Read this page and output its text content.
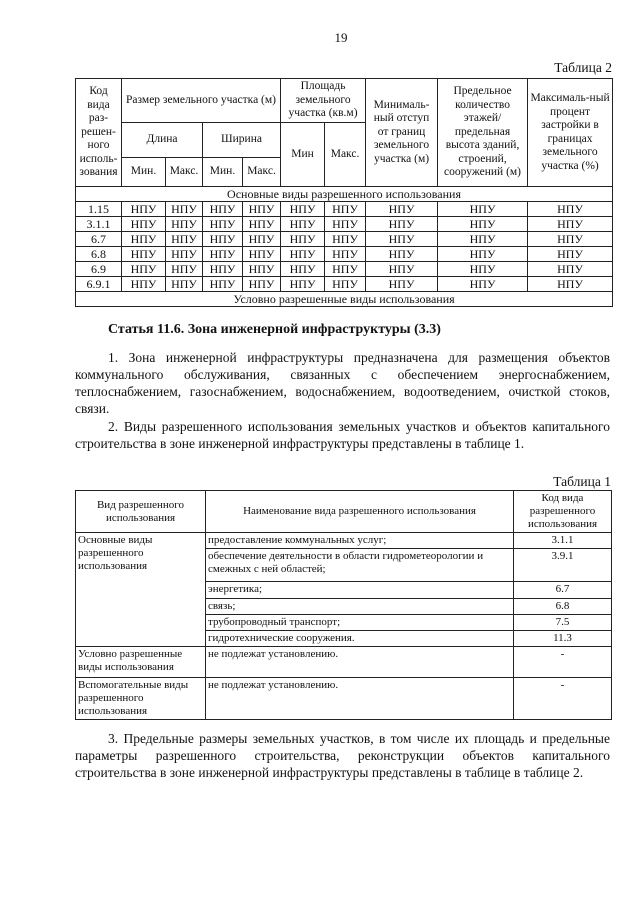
19
Таблица 2
Код вида раз-решен-ного исполь-зования	Размер земельного участка (м)				Площадь земельного участка (кв.м)		Минималь-ный отступ от границ земельного участка (м)	Предельное количество этажей/ предельная высота зданий, строений, сооружений (м)	Максималь-ный процент застройки в границах земельного участка (%)
	Длина		Ширина		Мин	Макс.			
	Мин.	Макс.	Мин.	Макс.					
Основные виды разрешенного использования									
1.15	НПУ	НПУ	НПУ	НПУ	НПУ	НПУ	НПУ	НПУ	НПУ
3.1.1	НПУ	НПУ	НПУ	НПУ	НПУ	НПУ	НПУ	НПУ	НПУ
6.7	НПУ	НПУ	НПУ	НПУ	НПУ	НПУ	НПУ	НПУ	НПУ
6.8	НПУ	НПУ	НПУ	НПУ	НПУ	НПУ	НПУ	НПУ	НПУ
6.9	НПУ	НПУ	НПУ	НПУ	НПУ	НПУ	НПУ	НПУ	НПУ
6.9.1	НПУ	НПУ	НПУ	НПУ	НПУ	НПУ	НПУ	НПУ	НПУ
Условно разрешенные виды использования									
Статья 11.6. Зона инженерной инфраструктуры (3.3)
1. Зона инженерной инфраструктуры предназначена для размещения объектов коммунального обслуживания, связанных с обеспечением энергоснабжением, теплоснабжением, газоснабжением, водоснабжением, водоотведением, очисткой стоков, связи.
2. Виды разрешенного использования земельных участков и объектов капитального строительства в зоне инженерной инфраструктуры представлены в таблице 1.
Таблица 1
Вид разрешенного использования	Наименование вида разрешенного использования	Код вида разрешенного использования
Основные виды разрешенного использования	предоставление коммунальных услуг;	3.1.1
	обеспечение деятельности в области гидрометеорологии и смежных с ней областей;	3.9.1
	энергетика;	6.7
	связь;	6.8
	трубопроводный транспорт;	7.5
	гидротехнические сооружения.	11.3
Условно разрешенные виды использования	не подлежат установлению.	-
Вспомогательные виды разрешенного использования	не подлежат установлению.	-
3. Предельные размеры земельных участков, в том числе их площадь и предельные параметры разрешенного строительства, реконструкции объектов капитального строительства в зоне инженерной инфраструктуры представлены в таблице в таблице 2.
